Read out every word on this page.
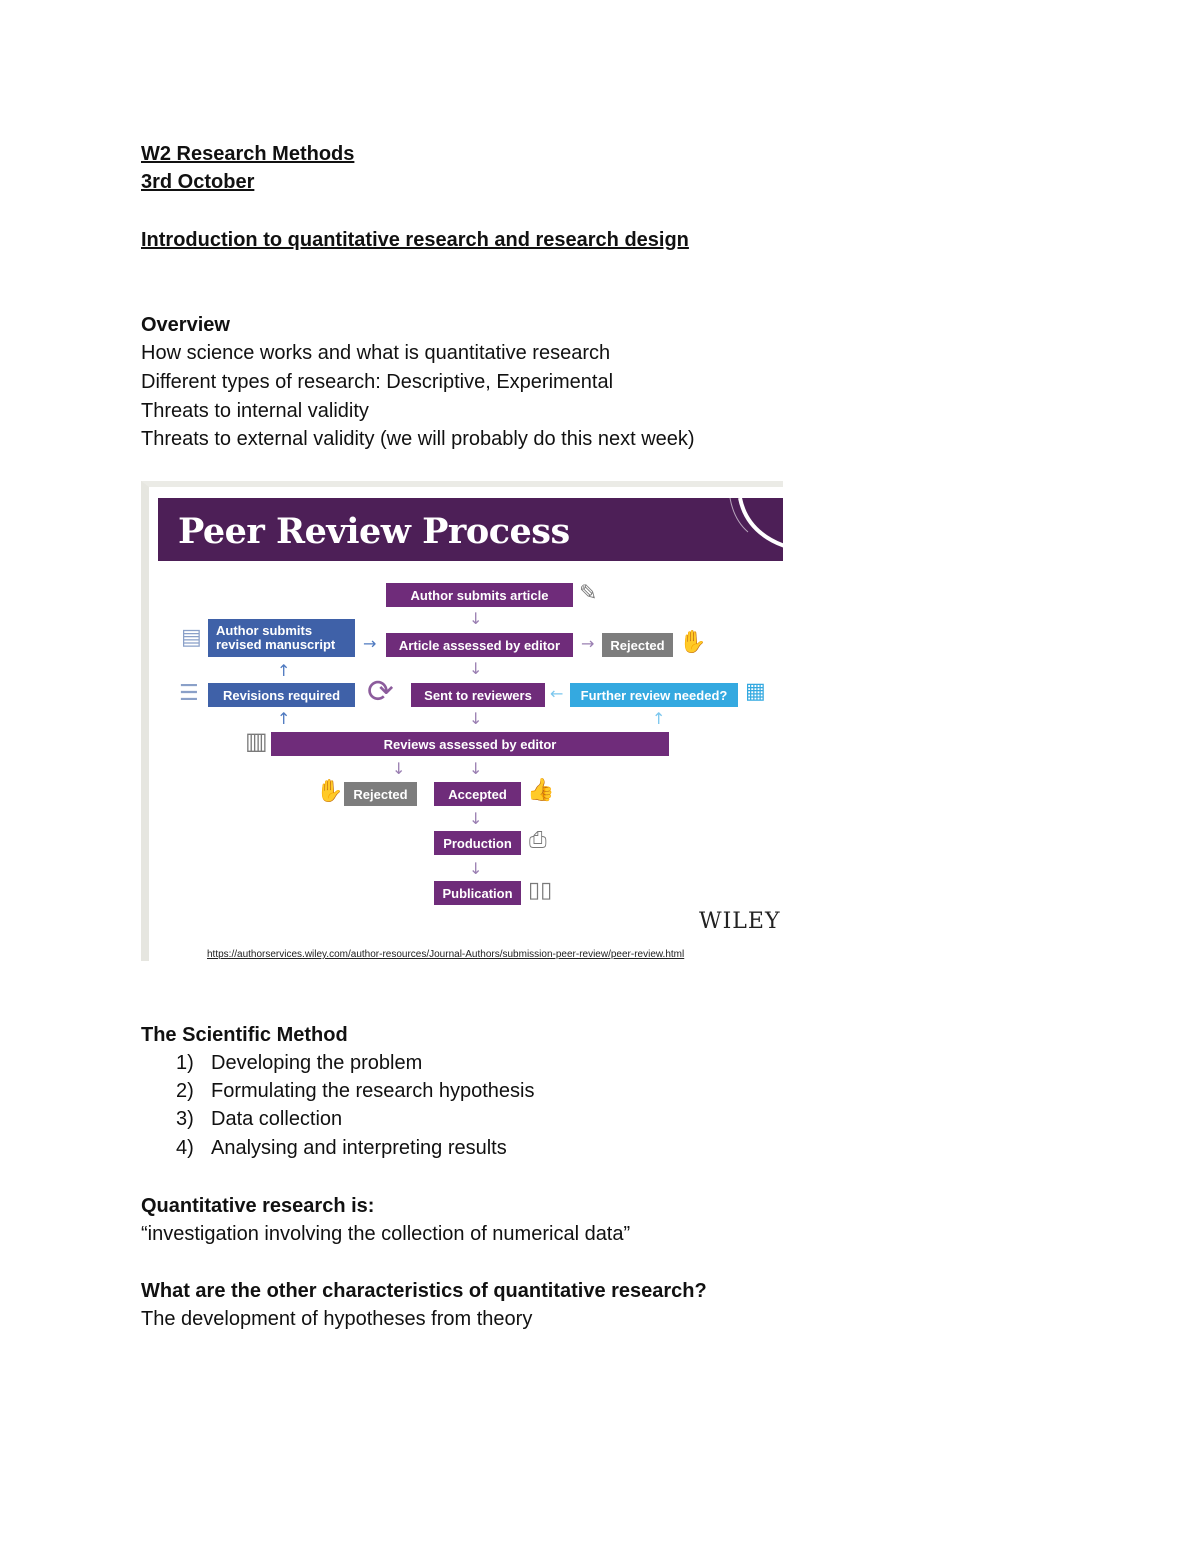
W2 Research Methods
3rd October
Introduction to quantitative research and research design
Overview
How science works and what is quantitative research
Different types of research: Descriptive, Experimental
Threats to internal validity
Threats to external validity (we will probably do this next week)
Peer Review Process
Author submits article	✎
↓
▤ Author submits
revised manuscript →	Article assessed by editor	→	Rejected ✋
↑	↓
☰	Revisions required ⟳	Sent to reviewers	←	Further review needed? ▦
↑	↓	↑
▥	Reviews assessed by editor
↓	↓
✋ Rejected	Accepted 👍
↓
Production ⎙
↓
Publication ▯▯
WILEY
https://authorservices.wiley.com/author-resources/Journal-Authors/submission-peer-review/peer-review.html
The Scientific Method
1) Developing the problem
2) Formulating the research hypothesis
3) Data collection
4) Analysing and interpreting results
Quantitative research is:
“investigation involving the collection of numerical data”
What are the other characteristics of quantitative research?
The development of hypotheses from theory
